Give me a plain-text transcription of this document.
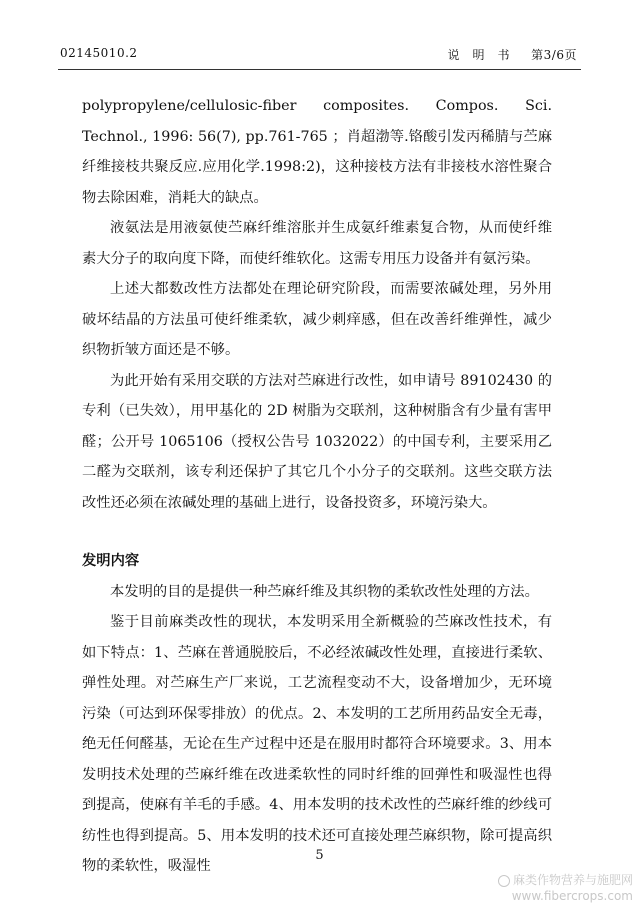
02145010.2	说　明　书 　 第3/6页

polypropylene/cellulosic-fiber composites. Compos. Sci. Technol., 1996: 56(7), pp.761-765 ；肖超渤等.铬酸引发丙稀腈与苎麻纤维接枝共聚反应.应用化学.1998:2)，这种接枝方法有非接枝水溶性聚合物去除困难，消耗大的缺点。

液氨法是用液氨使苎麻纤维溶胀并生成氨纤维素复合物，从而使纤维素大分子的取向度下降，而使纤维软化。这需专用压力设备并有氨污染。

上述大都数改性方法都处在理论研究阶段，而需要浓碱处理，另外用破坏结晶的方法虽可使纤维柔软，减少刺痒感，但在改善纤维弹性，减少织物折皱方面还是不够。

为此开始有采用交联的方法对苎麻进行改性，如申请号 89102430 的专利（已失效），用甲基化的 2D 树脂为交联剂，这种树脂含有少量有害甲醛；公开号 1065106（授权公告号 1032022）的中国专利，主要采用乙二醛为交联剂，该专利还保护了其它几个小分子的交联剂。这些交联方法改性还必须在浓碱处理的基础上进行，设备投资多，环境污染大。

发明内容

本发明的目的是提供一种苎麻纤维及其织物的柔软改性处理的方法。

鉴于目前麻类改性的现状，本发明采用全新概验的苎麻改性技术，有如下特点：1、苎麻在普通脱胶后，不必经浓碱改性处理，直接进行柔软、弹性处理。对苎麻生产厂来说，工艺流程变动不大，设备增加少，无环境污染（可达到环保零排放）的优点。2、本发明的工艺所用药品安全无毒，绝无任何醛基，无论在生产过程中还是在服用时都符合环境要求。3、用本发明技术处理的苎麻纤维在改进柔软性的同时纤维的回弹性和吸湿性也得到提高，使麻有羊毛的手感。4、用本发明的技术改性的苎麻纤维的纱线可纺性也得到提高。5、用本发明的技术还可直接处理苎麻织物，除可提高织物的柔软性，吸湿性

5
麻类作物营养与施肥网
www.fibercrops.com
